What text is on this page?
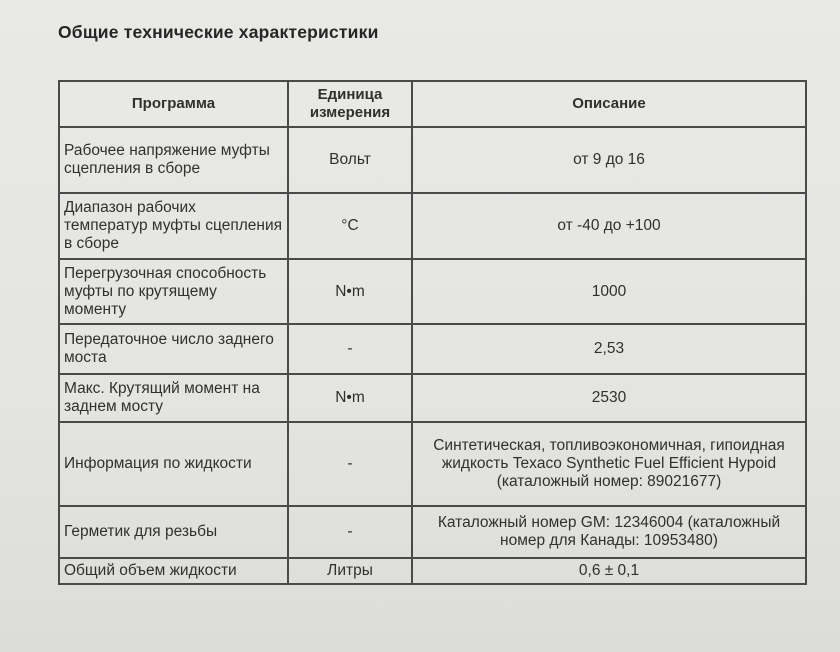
Общие технические характеристики
Программа	Единица измерения	Описание
Рабочее напряжение муфты сцепления в сборе	Вольт	от 9 до 16
Диапазон рабочих температур муфты сцепления в сборе	°C	от -40 до +100
Перегрузочная способность муфты по крутящему моменту	N•m	1000
Передаточное число заднего моста	-	2,53
Макс. Крутящий момент на заднем мосту	N•m	2530
Информация по жидкости	-	Синтетическая, топливоэкономичная, гипоидная жидкость Texaco Synthetic Fuel Efficient Hypoid (каталожный номер: 89021677)
Герметик для резьбы	-	Каталожный номер GM: 12346004 (каталожный номер для Канады: 10953480)
Общий объем жидкости	Литры	0,6 ± 0,1
